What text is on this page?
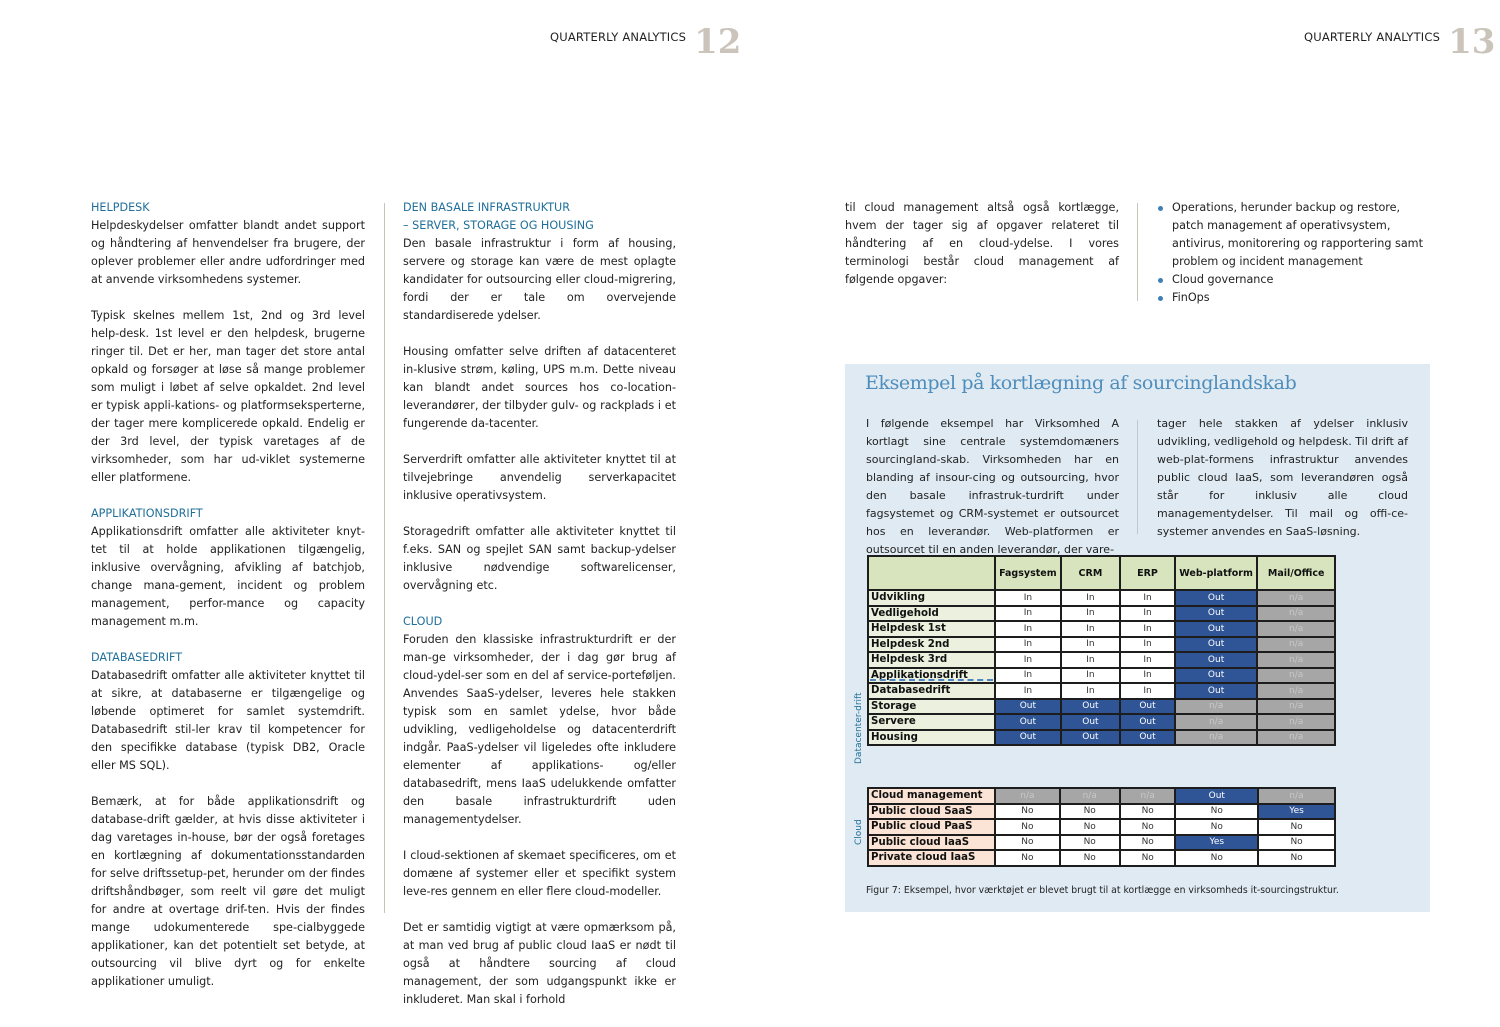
QUARTERLY ANALYTICS 12	QUARTERLY ANALYTICS 13
HELPDESK

Helpdeskydelser omfatter blandt andet support og håndtering af henvendelser fra brugere, der oplever problemer eller andre udfordringer med at anvende virksomhedens systemer.

Typisk skelnes mellem 1st, 2nd og 3rd level help-desk. 1st level er den helpdesk, brugerne ringer til. Det er her, man tager det store antal opkald og forsøger at løse så mange problemer som muligt i løbet af selve opkaldet. 2nd level er typisk appli-kations- og platformseksperterne, der tager mere komplicerede opkald. Endelig er der 3rd level, der typisk varetages af de virksomheder, som har ud-viklet systemerne eller platformene.

APPLIKATIONSDRIFT

Applikationsdrift omfatter alle aktiviteter knyt-tet til at holde applikationen tilgængelig, inklusive overvågning, afvikling af batchjob, change mana-gement, incident og problem management, perfor-mance og capacity management m.m.

DATABASEDRIFT

Databasedrift omfatter alle aktiviteter knyttet til at sikre, at databaserne er tilgængelige og løbende optimeret for samlet systemdrift. Databasedrift stil-ler krav til kompetencer for den specifikke database (typisk DB2, Oracle eller MS SQL).

Bemærk, at for både applikationsdrift og database-drift gælder, at hvis disse aktiviteter i dag varetages in-house, bør der også foretages en kortlægning af dokumentationsstandarden for selve driftssetup-pet, herunder om der findes driftshåndbøger, som reelt vil gøre det muligt for andre at overtage drif-ten. Hvis der findes mange udokumenterede spe-cialbyggede applikationer, kan det potentielt set betyde, at outsourcing vil blive dyrt og for enkelte applikationer umuligt.

DEN BASALE INFRASTRUKTUR
– SERVER, STORAGE OG HOUSING

Den basale infrastruktur i form af housing, servere og storage kan være de mest oplagte kandidater for outsourcing eller cloud-migrering, fordi der er tale om overvejende standardiserede ydelser.

Housing omfatter selve driften af datacenteret in-klusive strøm, køling, UPS m.m. Dette niveau kan blandt andet sources hos co-location-leverandører, der tilbyder gulv- og rackplads i et fungerende da-tacenter.

Serverdrift omfatter alle aktiviteter knyttet til at tilvejebringe anvendelig serverkapacitet inklusive operativsystem.

Storagedrift omfatter alle aktiviteter knyttet til f.eks. SAN og spejlet SAN samt backup-ydelser inklusive nødvendige softwarelicenser, overvågning etc.

CLOUD

Foruden den klassiske infrastrukturdrift er der man-ge virksomheder, der i dag gør brug af cloud-ydel-ser som en del af service-porteføljen. Anvendes SaaS-ydelser, leveres hele stakken typisk som en samlet ydelse, hvor både udvikling, vedligeholdelse og datacenterdrift indgår. PaaS-ydelser vil ligeledes ofte inkludere elementer af applikations- og/eller databasedrift, mens IaaS udelukkende omfatter den basale infrastrukturdrift uden managementydelser.

I cloud-sektionen af skemaet specificeres, om et domæne af systemer eller et specifikt system leve-res gennem en eller flere cloud-modeller.

Det er samtidig vigtigt at være opmærksom på, at man ved brug af public cloud IaaS er nødt til også at håndtere sourcing af cloud management, der som udgangspunkt ikke er inkluderet. Man skal i forhold

til cloud management altså også kortlægge, hvem der tager sig af opgaver relateret til håndtering af en cloud-ydelse. I vores terminologi består cloud management af følgende opgaver:

Operations, herunder backup og restore, patch management af operativsystem, antivirus, monitorering og rapportering samt problem og incident management
Cloud governance
FinOps
Eksempel på kortlægning af sourcinglandskab
I følgende eksempel har Virksomhed A kortlagt sine centrale systemdomæners sourcingland-skab. Virksomheden har en blanding af insour-cing og outsourcing, hvor den basale infrastruk-turdrift under fagsystemet og CRM-systemet er outsourcet hos en leverandør. Web-platformen er outsourcet til en anden leverandør, der vare-
tager hele stakken af ydelser inklusiv udvikling, vedligehold og helpdesk. Til drift af web-plat-formens infrastruktur anvendes public cloud IaaS, som leverandøren også står for inklusiv alle cloud managementydelser. Til mail og offi-ce-systemer anvendes en SaaS-løsning.
Datacenter-drift
Cloud
Figur 7: Eksempel, hvor værktøjet er blevet brugt til at kortlægge en virksomheds it-sourcingstruktur.
	Fagsystem	CRM	ERP	Web-platform	Mail/Office
Udvikling	In	In	In	Out	n/a
Vedligehold	In	In	In	Out	n/a
Helpdesk 1st	In	In	In	Out	n/a
Helpdesk 2nd	In	In	In	Out	n/a
Helpdesk 3rd	In	In	In	Out	n/a
Applikationsdrift	In	In	In	Out	n/a
Databasedrift	In	In	In	Out	n/a
Storage	Out	Out	Out	n/a	n/a
Servere	Out	Out	Out	n/a	n/a
Housing	Out	Out	Out	n/a	n/a
Cloud management	n/a	n/a	n/a	Out	n/a
Public cloud SaaS	No	No	No	No	Yes
Public cloud PaaS	No	No	No	No	No
Public cloud IaaS	No	No	No	Yes	No
Private cloud IaaS	No	No	No	No	No
